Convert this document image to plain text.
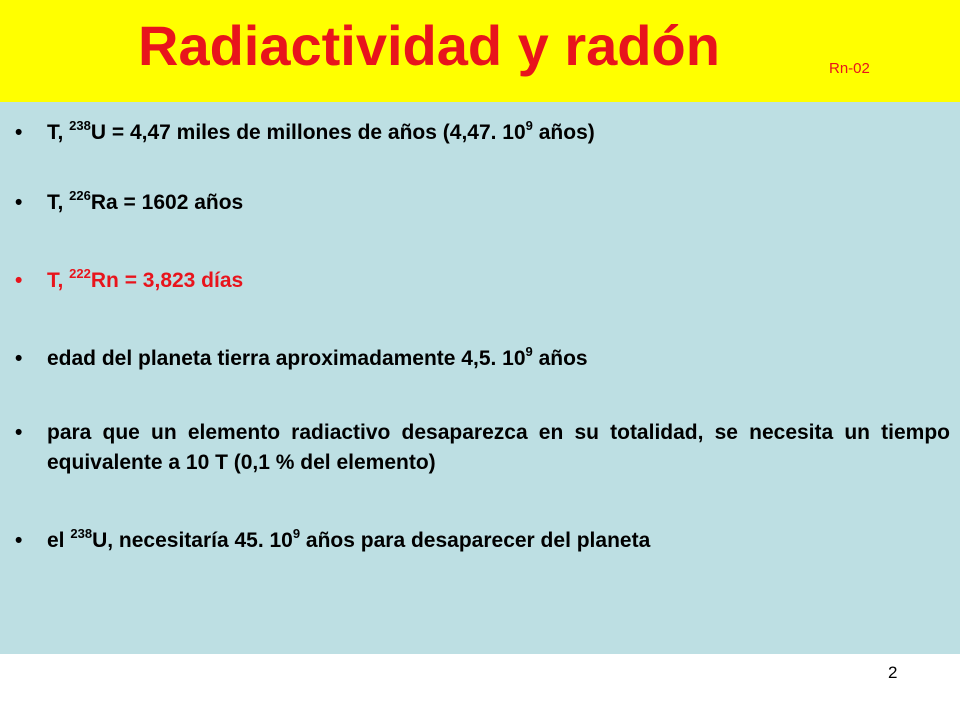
Radiactividad y radón	Rn-02
• T, $^{238}$U = 4,47 miles de millones de años (4,47. $10^9$ años)
• T, $^{226}$Ra = 1602 años
• T, $^{222}$Rn = 3,823 días
• edad del planeta tierra aproximadamente 4,5. $10^9$ años
• para que un elemento radiactivo desaparezca en su totalidad, se necesita un tiempo equivalente a 10 T (0,1 % del elemento)
• el $^{238}$U, necesitaría 45. $10^9$ años para desaparecer del planeta
2
